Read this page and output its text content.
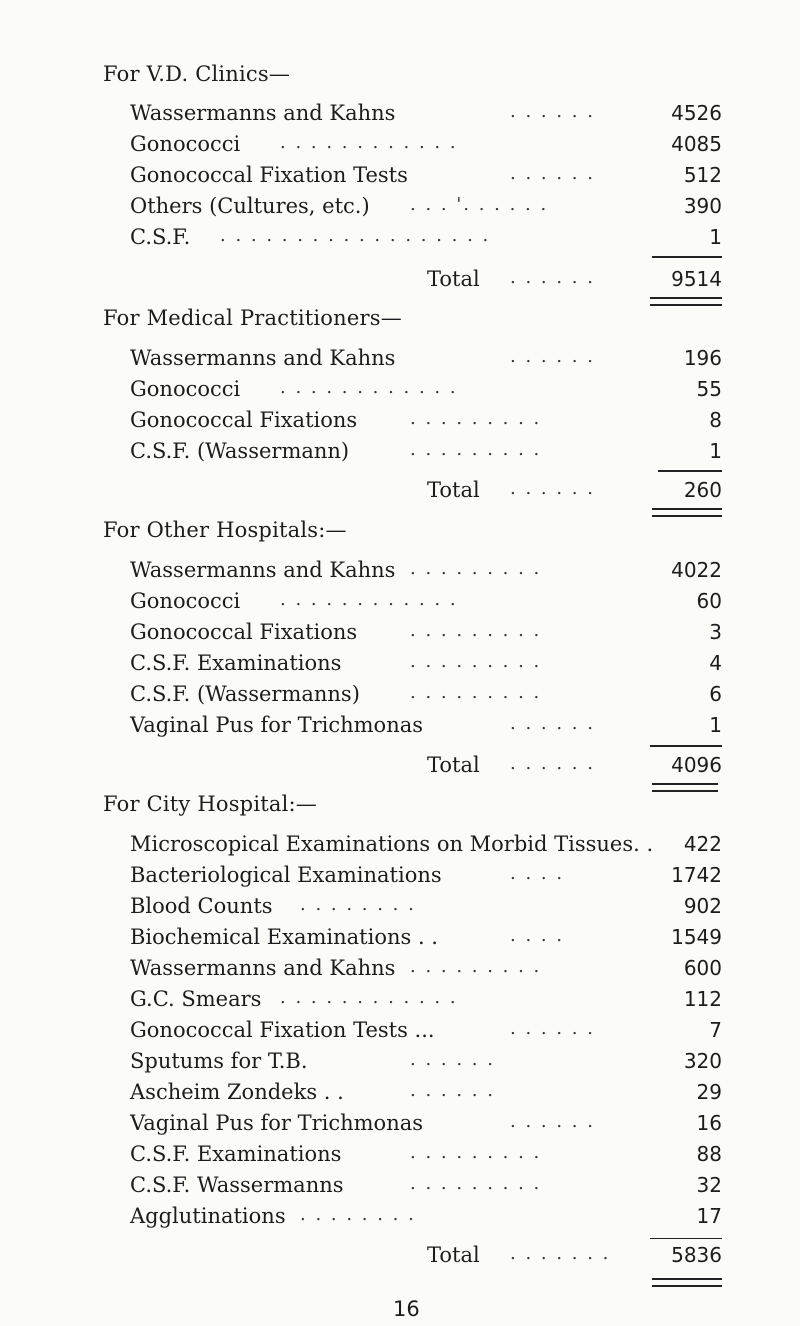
For V.D. Clinics—
Wassermanns and Kahns	. . . . . .	4526
Gonococci . . . . . . . . . . . .	4085
Gonococcal Fixation Tests	. . . . . .	512
Others (Cultures, etc.) . . . '. . . . . .	390
C.S.F. . . . . . . . . . . . . . . . . . .	1
Total . . . . . .	9514
For Medical Practitioners—
Wassermanns and Kahns	. . . . . .	196
Gonococci . . . . . . . . . . . .	55
Gonococcal Fixations	. . . . . . . . .	8
C.S.F. (Wassermann)	. . . . . . . . .	1
Total . . . . . .	260
For Other Hospitals:—
Wassermanns and Kahns . . . . . . . . .	4022
Gonococci . . . . . . . . . . . .	60
Gonococcal Fixations	. . . . . . . . .	3
C.S.F. Examinations	. . . . . . . . .	4
C.S.F. (Wassermanns)	. . . . . . . . .	6
Vaginal Pus for Trichmonas	. . . . . .	1
Total . . . . . .	4096
For City Hospital:—
Microscopical Examinations on Morbid Tissues. .	422
Bacteriological Examinations	. . . .	1742
Blood Counts . . . . . . . .	902
Biochemical Examinations . .	. . . .	1549
Wassermanns and Kahns . . . . . . . . .	600
G.C. Smears . . . . . . . . . . . .	112
Gonococcal Fixation Tests ...	. . . . . .	7
Sputums for T.B.	. . . . . .	320
Ascheim Zondeks . .	. . . . . .	29
Vaginal Pus for Trichmonas	. . . . . .	16
C.S.F. Examinations	. . . . . . . . .	88
C.S.F. Wassermanns	. . . . . . . . .	32
Agglutinations . . . . . . . .	17
Total . . . . . . .	5836
16
